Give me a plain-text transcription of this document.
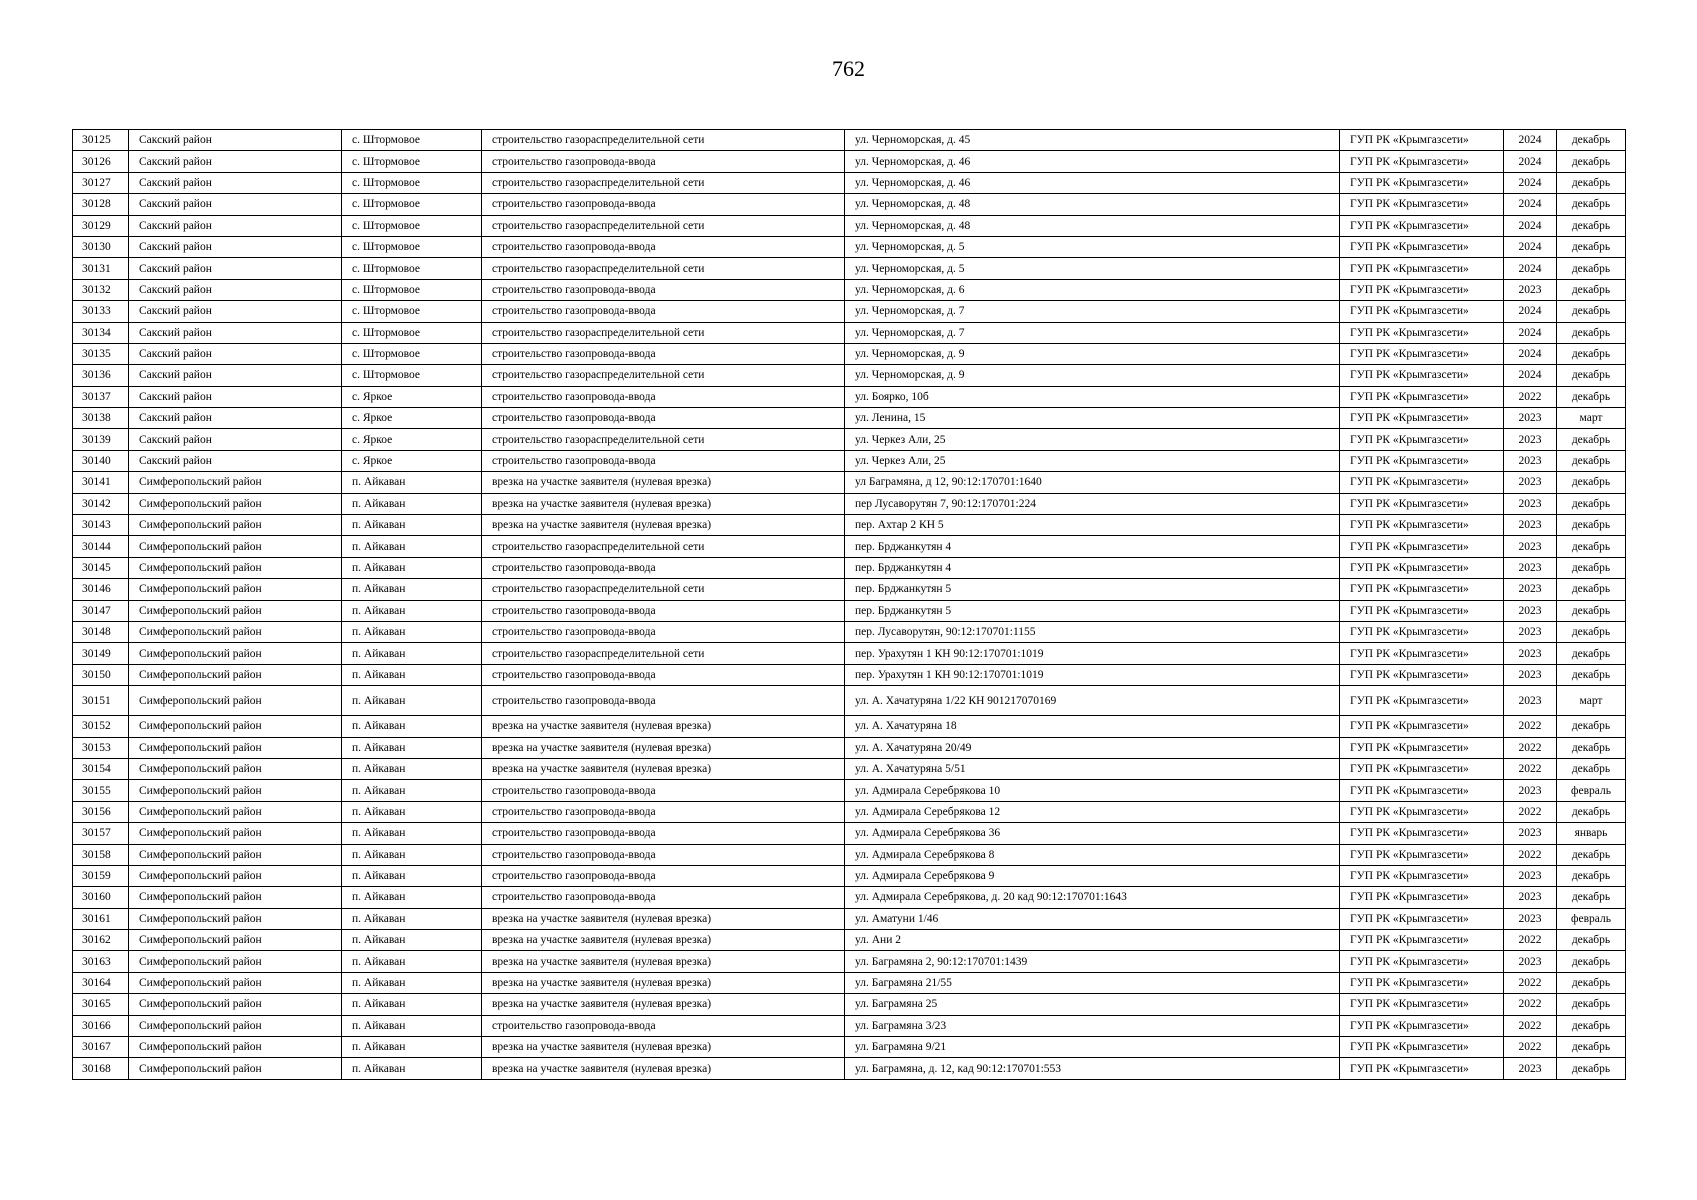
762
30125	Сакский район	с. Штормовое	строительство газораспределительной сети	ул. Черноморская, д. 45	ГУП РК «Крымгазсети»	2024	декабрь
30126	Сакский район	с. Штормовое	строительство газопровода-ввода	ул. Черноморская, д. 46	ГУП РК «Крымгазсети»	2024	декабрь
30127	Сакский район	с. Штормовое	строительство газораспределительной сети	ул. Черноморская, д. 46	ГУП РК «Крымгазсети»	2024	декабрь
30128	Сакский район	с. Штормовое	строительство газопровода-ввода	ул. Черноморская, д. 48	ГУП РК «Крымгазсети»	2024	декабрь
30129	Сакский район	с. Штормовое	строительство газораспределительной сети	ул. Черноморская, д. 48	ГУП РК «Крымгазсети»	2024	декабрь
30130	Сакский район	с. Штормовое	строительство газопровода-ввода	ул. Черноморская, д. 5	ГУП РК «Крымгазсети»	2024	декабрь
30131	Сакский район	с. Штормовое	строительство газораспределительной сети	ул. Черноморская, д. 5	ГУП РК «Крымгазсети»	2024	декабрь
30132	Сакский район	с. Штормовое	строительство газопровода-ввода	ул. Черноморская, д. 6	ГУП РК «Крымгазсети»	2023	декабрь
30133	Сакский район	с. Штормовое	строительство газопровода-ввода	ул. Черноморская, д. 7	ГУП РК «Крымгазсети»	2024	декабрь
30134	Сакский район	с. Штормовое	строительство газораспределительной сети	ул. Черноморская, д. 7	ГУП РК «Крымгазсети»	2024	декабрь
30135	Сакский район	с. Штормовое	строительство газопровода-ввода	ул. Черноморская, д. 9	ГУП РК «Крымгазсети»	2024	декабрь
30136	Сакский район	с. Штормовое	строительство газораспределительной сети	ул. Черноморская, д. 9	ГУП РК «Крымгазсети»	2024	декабрь
30137	Сакский район	с. Яркое	строительство газопровода-ввода	ул. Боярко, 10б	ГУП РК «Крымгазсети»	2022	декабрь
30138	Сакский район	с. Яркое	строительство газопровода-ввода	ул. Ленина, 15	ГУП РК «Крымгазсети»	2023	март
30139	Сакский район	с. Яркое	строительство газораспределительной сети	ул. Черкез Али, 25	ГУП РК «Крымгазсети»	2023	декабрь
30140	Сакский район	с. Яркое	строительство газопровода-ввода	ул. Черкез Али, 25	ГУП РК «Крымгазсети»	2023	декабрь
30141	Симферопольский район	п. Айкаван	врезка на участке заявителя (нулевая врезка)	ул Баграмяна, д 12, 90:12:170701:1640	ГУП РК «Крымгазсети»	2023	декабрь
30142	Симферопольский район	п. Айкаван	врезка на участке заявителя (нулевая врезка)	пер Лусаворутян 7, 90:12:170701:224	ГУП РК «Крымгазсети»	2023	декабрь
30143	Симферопольский район	п. Айкаван	врезка на участке заявителя (нулевая врезка)	пер. Ахтар 2 КН 5	ГУП РК «Крымгазсети»	2023	декабрь
30144	Симферопольский район	п. Айкаван	строительство газораспределительной сети	пер. Брджанкутян 4	ГУП РК «Крымгазсети»	2023	декабрь
30145	Симферопольский район	п. Айкаван	строительство газопровода-ввода	пер. Брджанкутян 4	ГУП РК «Крымгазсети»	2023	декабрь
30146	Симферопольский район	п. Айкаван	строительство газораспределительной сети	пер. Брджанкутян 5	ГУП РК «Крымгазсети»	2023	декабрь
30147	Симферопольский район	п. Айкаван	строительство газопровода-ввода	пер. Брджанкутян 5	ГУП РК «Крымгазсети»	2023	декабрь
30148	Симферопольский район	п. Айкаван	строительство газопровода-ввода	пер. Лусаворутян, 90:12:170701:1155	ГУП РК «Крымгазсети»	2023	декабрь
30149	Симферопольский район	п. Айкаван	строительство газораспределительной сети	пер. Урахутян 1 КН 90:12:170701:1019	ГУП РК «Крымгазсети»	2023	декабрь
30150	Симферопольский район	п. Айкаван	строительство газопровода-ввода	пер. Урахутян 1 КН 90:12:170701:1019	ГУП РК «Крымгазсети»	2023	декабрь
30151	Симферопольский район	п. Айкаван	строительство газопровода-ввода	ул. А. Хачатуряна 1/22 КН 901217070169	ГУП РК «Крымгазсети»	2023	март
30152	Симферопольский район	п. Айкаван	врезка на участке заявителя (нулевая врезка)	ул. А. Хачатуряна 18	ГУП РК «Крымгазсети»	2022	декабрь
30153	Симферопольский район	п. Айкаван	врезка на участке заявителя (нулевая врезка)	ул. А. Хачатуряна 20/49	ГУП РК «Крымгазсети»	2022	декабрь
30154	Симферопольский район	п. Айкаван	врезка на участке заявителя (нулевая врезка)	ул. А. Хачатуряна 5/51	ГУП РК «Крымгазсети»	2022	декабрь
30155	Симферопольский район	п. Айкаван	строительство газопровода-ввода	ул. Адмирала Серебрякова 10	ГУП РК «Крымгазсети»	2023	февраль
30156	Симферопольский район	п. Айкаван	строительство газопровода-ввода	ул. Адмирала Серебрякова 12	ГУП РК «Крымгазсети»	2022	декабрь
30157	Симферопольский район	п. Айкаван	строительство газопровода-ввода	ул. Адмирала Серебрякова 36	ГУП РК «Крымгазсети»	2023	январь
30158	Симферопольский район	п. Айкаван	строительство газопровода-ввода	ул. Адмирала Серебрякова 8	ГУП РК «Крымгазсети»	2022	декабрь
30159	Симферопольский район	п. Айкаван	строительство газопровода-ввода	ул. Адмирала Серебрякова 9	ГУП РК «Крымгазсети»	2023	декабрь
30160	Симферопольский район	п. Айкаван	строительство газопровода-ввода	ул. Адмирала Серебрякова, д. 20 кад 90:12:170701:1643	ГУП РК «Крымгазсети»	2023	декабрь
30161	Симферопольский район	п. Айкаван	врезка на участке заявителя (нулевая врезка)	ул. Аматуни 1/46	ГУП РК «Крымгазсети»	2023	февраль
30162	Симферопольский район	п. Айкаван	врезка на участке заявителя (нулевая врезка)	ул. Ани 2	ГУП РК «Крымгазсети»	2022	декабрь
30163	Симферопольский район	п. Айкаван	врезка на участке заявителя (нулевая врезка)	ул. Баграмяна 2, 90:12:170701:1439	ГУП РК «Крымгазсети»	2023	декабрь
30164	Симферопольский район	п. Айкаван	врезка на участке заявителя (нулевая врезка)	ул. Баграмяна 21/55	ГУП РК «Крымгазсети»	2022	декабрь
30165	Симферопольский район	п. Айкаван	врезка на участке заявителя (нулевая врезка)	ул. Баграмяна 25	ГУП РК «Крымгазсети»	2022	декабрь
30166	Симферопольский район	п. Айкаван	строительство газопровода-ввода	ул. Баграмяна 3/23	ГУП РК «Крымгазсети»	2022	декабрь
30167	Симферопольский район	п. Айкаван	врезка на участке заявителя (нулевая врезка)	ул. Баграмяна 9/21	ГУП РК «Крымгазсети»	2022	декабрь
30168	Симферопольский район	п. Айкаван	врезка на участке заявителя (нулевая врезка)	ул. Баграмяна, д. 12, кад 90:12:170701:553	ГУП РК «Крымгазсети»	2023	декабрь
